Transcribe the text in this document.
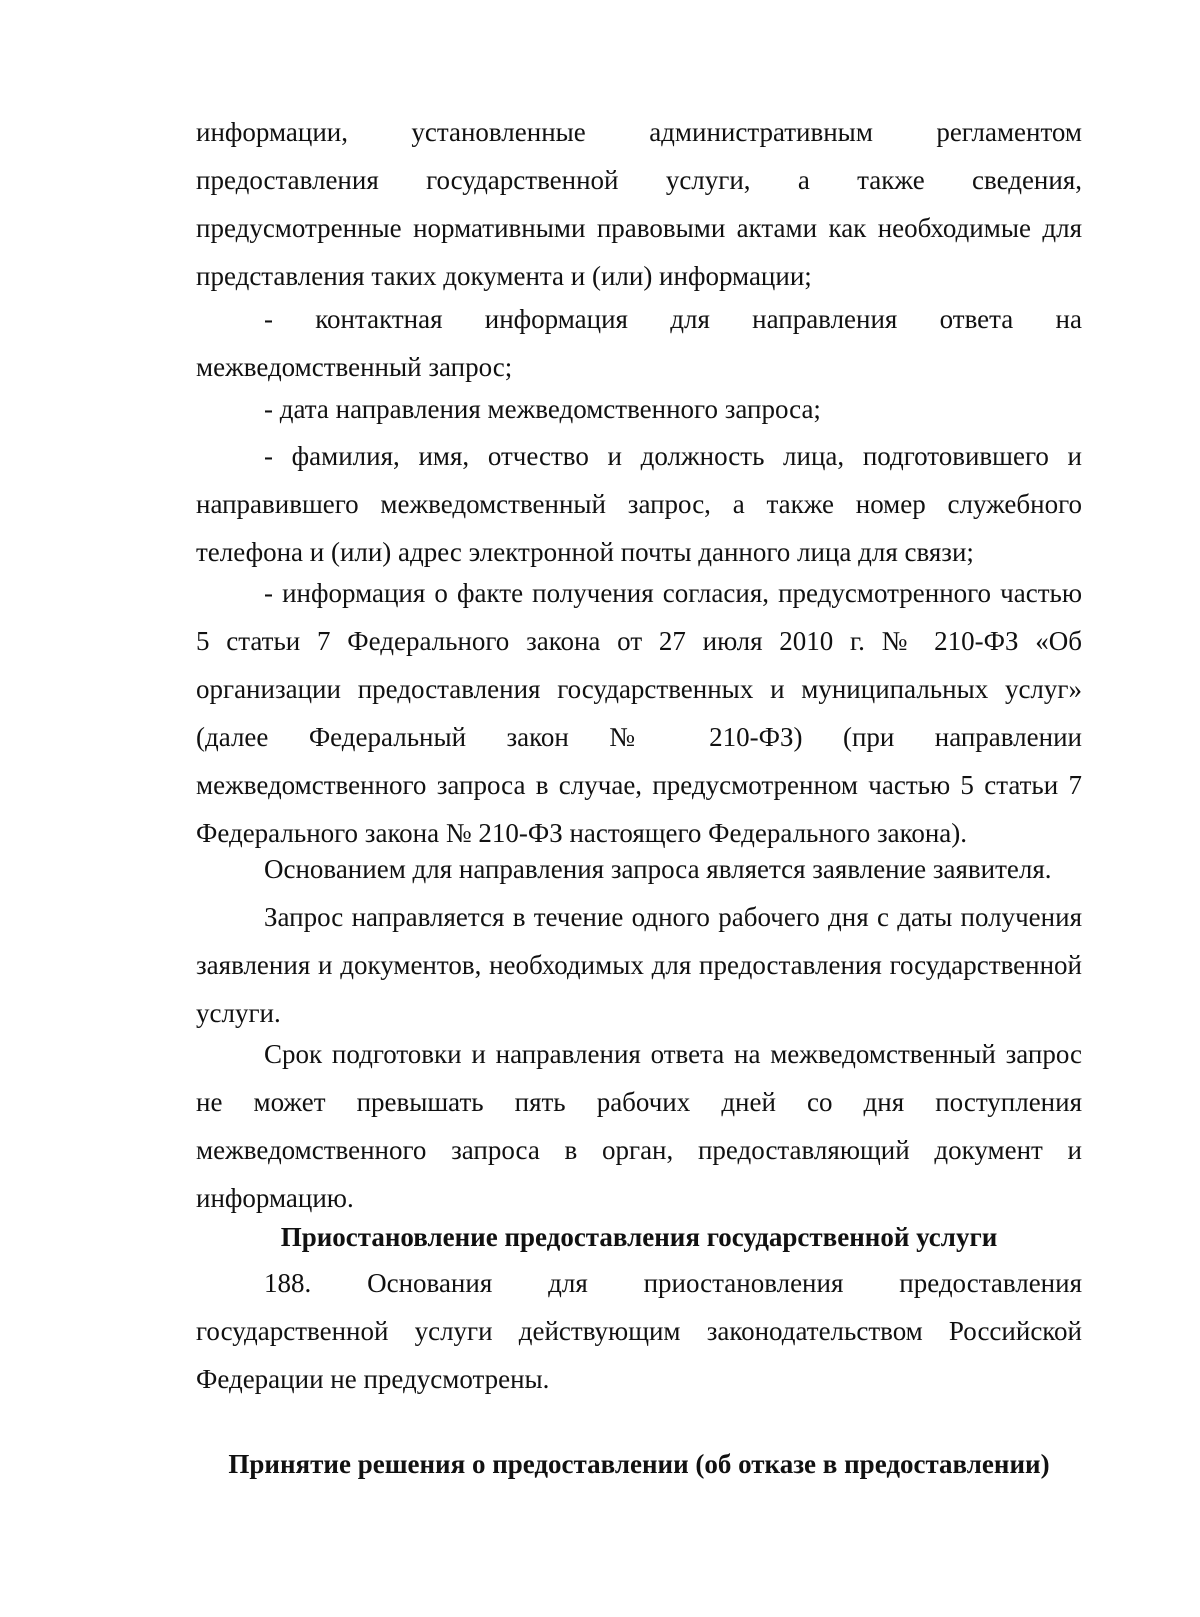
информации, установленные административным регламентом предоставления государственной услуги, а также сведения, предусмотренные нормативными правовыми актами как необходимые для представления таких документа и (или) информации;

- контактная информация для направления ответа на межведомственный запрос;

- дата направления межведомственного запроса;

- фамилия, имя, отчество и должность лица, подготовившего и направившего межведомственный запрос, а также номер служебного телефона и (или) адрес электронной почты данного лица для связи;

- информация о факте получения согласия, предусмотренного частью 5 статьи 7 Федерального закона от 27 июля 2010 г. № 210-ФЗ «Об организации предоставления государственных и муниципальных услуг» (далее Федеральный закон № 210-ФЗ) (при направлении межведомственного запроса в случае, предусмотренном частью 5 статьи 7 Федерального закона № 210-ФЗ настоящего Федерального закона).

Основанием для направления запроса является заявление заявителя.

Запрос направляется в течение одного рабочего дня с даты получения заявления и документов, необходимых для предоставления государственной услуги.

Срок подготовки и направления ответа на межведомственный запрос не может превышать пять рабочих дней со дня поступления межведомственного запроса в орган, предоставляющий документ и информацию.

Приостановление предоставления государственной услуги

188. Основания для приостановления предоставления государственной услуги действующим законодательством Российской Федерации не предусмотрены.

Принятие решения о предоставлении (об отказе в предоставлении)
